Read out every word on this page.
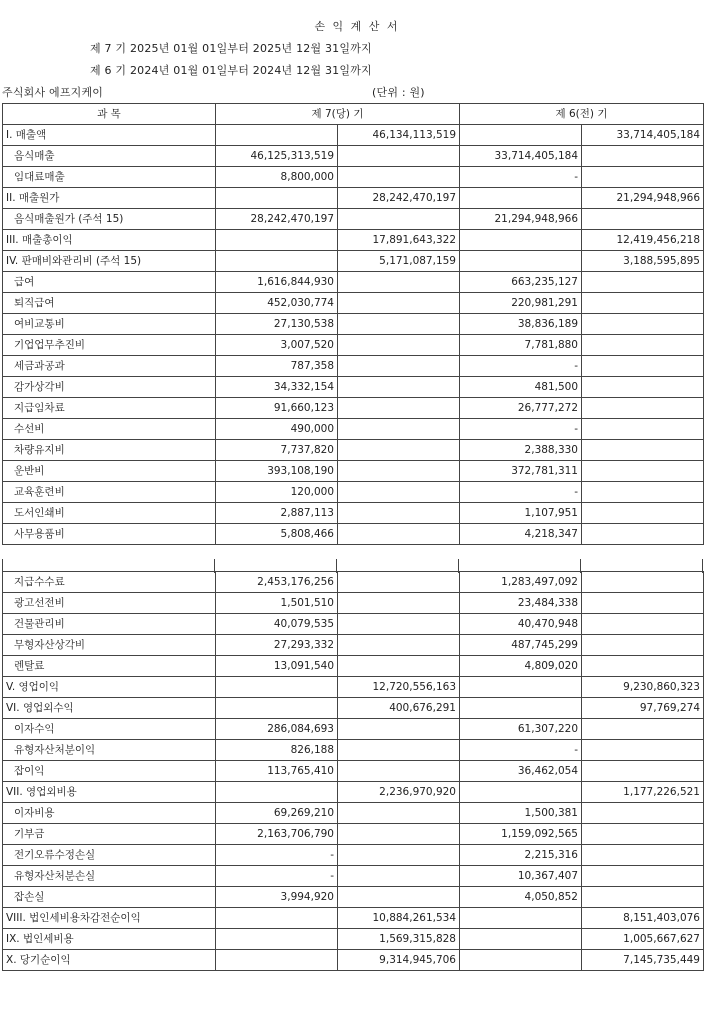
손 익 계 산 서
제 7 기 2025년 01월 01일부터 2025년 12월 31일까지
제 6 기 2024년 01월 01일부터 2024년 12월 31일까지
주식회사 에프지케이	(단위 : 원)
과 목	제 7(당) 기		제 6(전) 기	
I. 매출액		46,134,113,519		33,714,405,184
음식매출	46,125,313,519		33,714,405,184	
임대료매출	8,800,000		-	
II. 매출원가		28,242,470,197		21,294,948,966
음식매출원가 (주석 15)	28,242,470,197		21,294,948,966	
III. 매출총이익		17,891,643,322		12,419,456,218
IV. 판매비와관리비 (주석 15)		5,171,087,159		3,188,595,895
급여	1,616,844,930		663,235,127	
퇴직급여	452,030,774		220,981,291	
여비교통비	27,130,538		38,836,189	
기업업무추진비	3,007,520		7,781,880	
세금과공과	787,358		-	
감가상각비	34,332,154		481,500	
지급임차료	91,660,123		26,777,272	
수선비	490,000		-	
차량유지비	7,737,820		2,388,330	
운반비	393,108,190		372,781,311	
교육훈련비	120,000		-	
도서인쇄비	2,887,113		1,107,951	
사무용품비	5,808,466		4,218,347	
지급수수료	2,453,176,256		1,283,497,092	
광고선전비	1,501,510		23,484,338	
건물관리비	40,079,535		40,470,948	
무형자산상각비	27,293,332		487,745,299	
렌탈료	13,091,540		4,809,020	
V. 영업이익		12,720,556,163		9,230,860,323
VI. 영업외수익		400,676,291		97,769,274
이자수익	286,084,693		61,307,220	
유형자산처분이익	826,188		-	
잡이익	113,765,410		36,462,054	
VII. 영업외비용		2,236,970,920		1,177,226,521
이자비용	69,269,210		1,500,381	
기부금	2,163,706,790		1,159,092,565	
전기오류수정손실	-		2,215,316	
유형자산처분손실	-		10,367,407	
잡손실	3,994,920		4,050,852	
VIII. 법인세비용차감전순이익		10,884,261,534		8,151,403,076
IX. 법인세비용		1,569,315,828		1,005,667,627
X. 당기순이익		9,314,945,706		7,145,735,449
